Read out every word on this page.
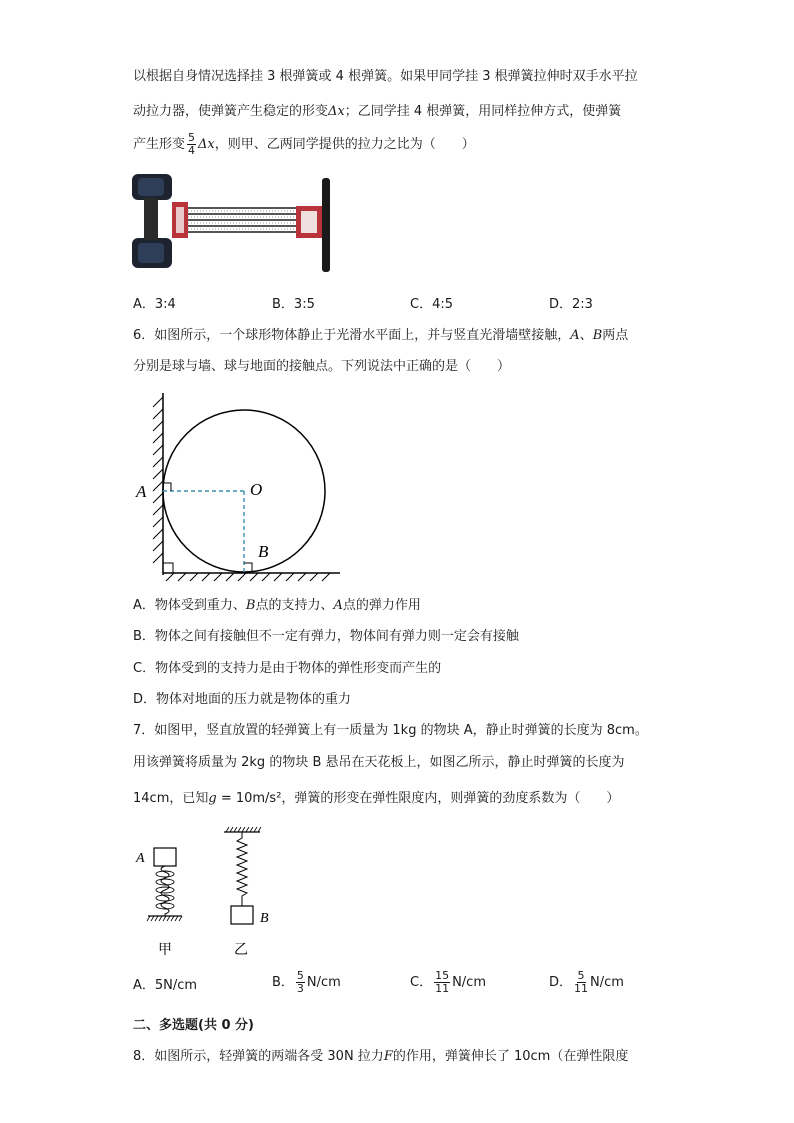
以根据自身情况选择挂 3 根弹簧或 4 根弹簧。如果甲同学挂 3 根弹簧拉伸时双手水平拉
动拉力器，使弹簧产生稳定的形变Δx；乙同学挂 4 根弹簧，用同样拉伸方式，使弹簧
产生形变 $\frac{5}{4}$ Δx，则甲、乙两同学提供的拉力之比为（　　）
A．3:4	B．3:5	C．4:5	D．2:3
6．如图所示，一个球形物体静止于光滑水平面上，并与竖直光滑墙壁接触，A、B两点
分别是球与墙、球与地面的接触点。下列说法中正确的是（　　）
A	O
B
A．物体受到重力、B点的支持力、A点的弹力作用
B．物体之间有接触但不一定有弹力，物体间有弹力则一定会有接触
C．物体受到的支持力是由于物体的弹性形变而产生的
D．物体对地面的压力就是物体的重力
7．如图甲，竖直放置的轻弹簧上有一质量为 1kg 的物块 A，静止时弹簧的长度为 8cm。
用该弹簧将质量为 2kg 的物块 B 悬吊在天花板上，如图乙所示，静止时弹簧的长度为
14cm，已知g = 10m/s²，弹簧的形变在弹性限度内，则弹簧的劲度系数为（　　）
A
B
甲	乙
A．5N/cm	B． $\frac{5}{3} N/cm$	C． $\frac{15}{11} N/cm$	D． $\frac{5}{11} N/cm$
二、多选题(共 0 分)
8．如图所示，轻弹簧的两端各受 30N 拉力F的作用，弹簧伸长了 10cm（在弹性限度
